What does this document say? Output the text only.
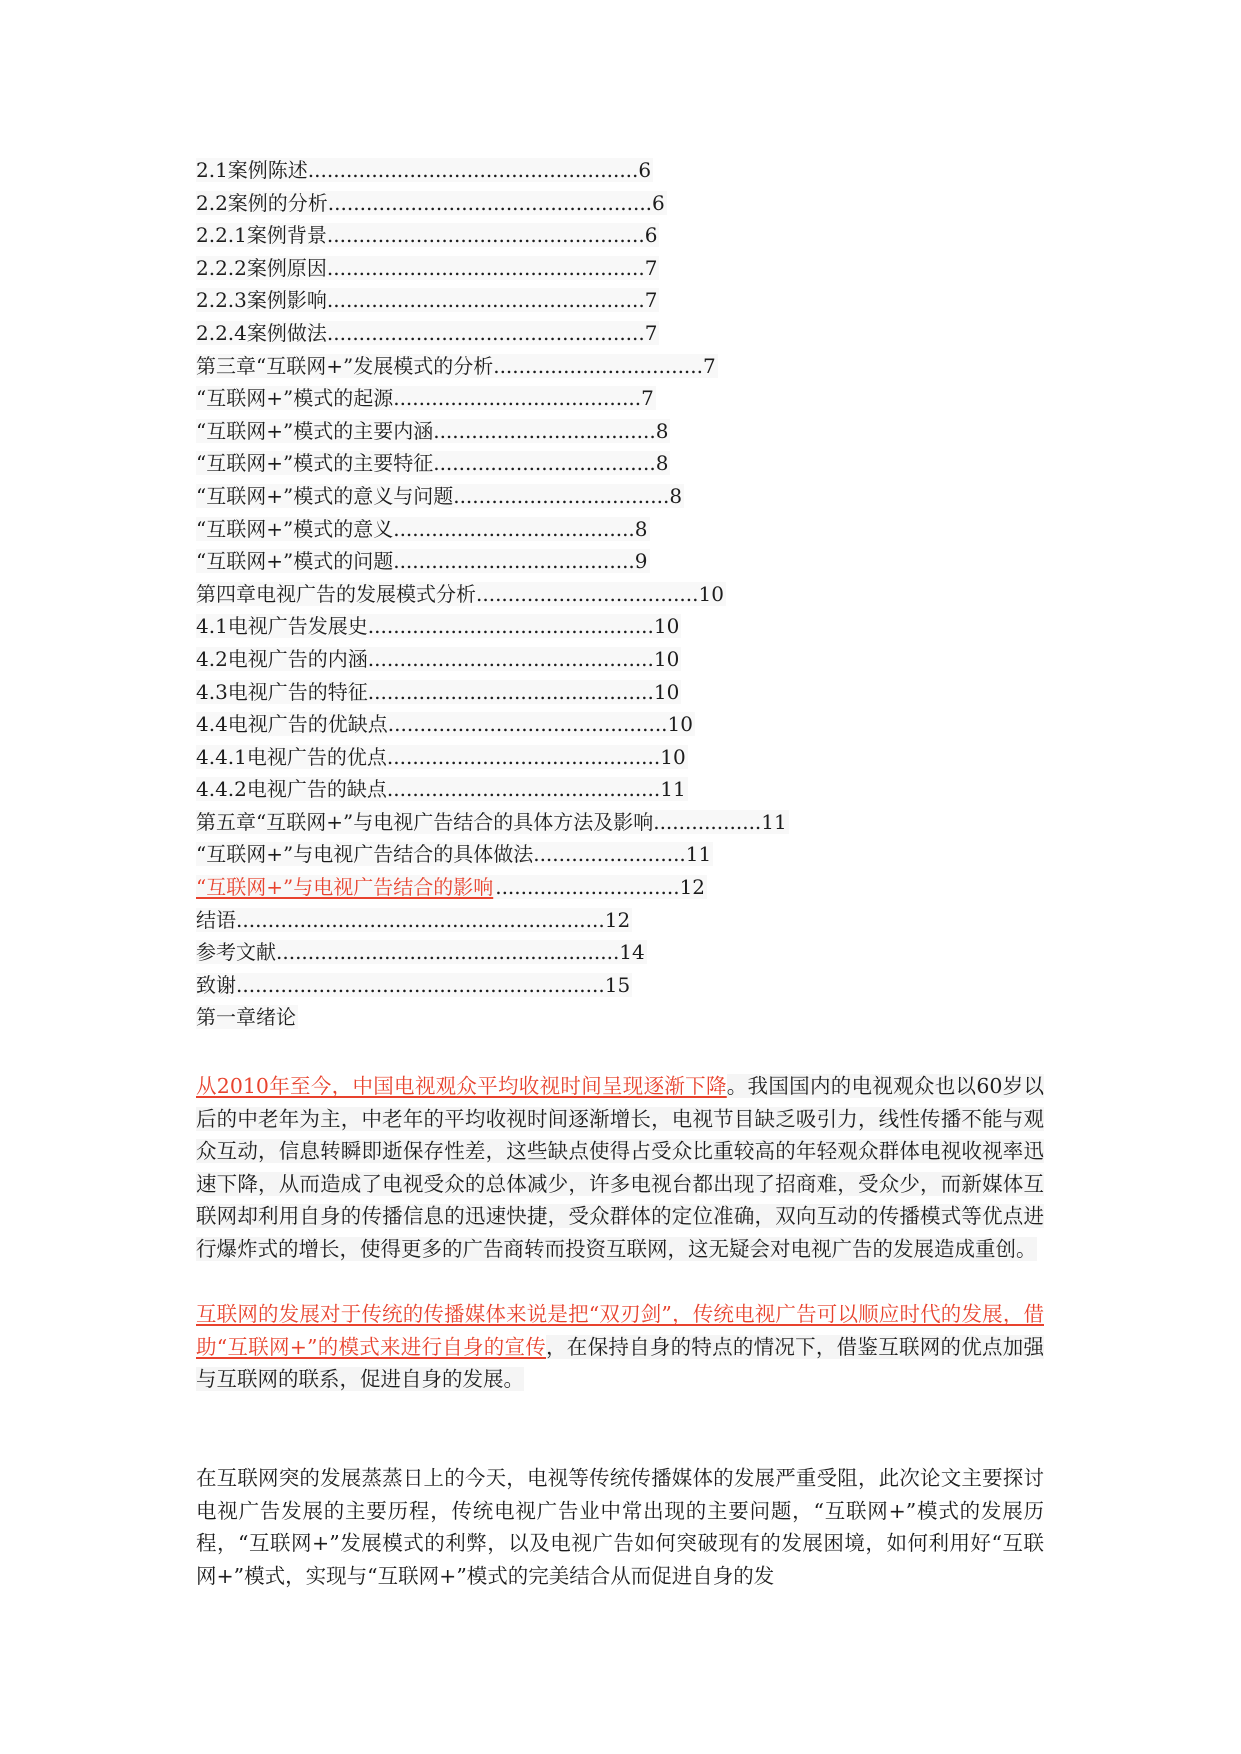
2.1案例陈述....................................................6
2.2案例的分析...................................................6
2.2.1案例背景..................................................6
2.2.2案例原因..................................................7
2.2.3案例影响..................................................7
2.2.4案例做法..................................................7
第三章“互联网+”发展模式的分析.................................7
“互联网+”模式的起源.......................................7
“互联网+”模式的主要内涵...................................8
“互联网+”模式的主要特征...................................8
“互联网+”模式的意义与问题..................................8
“互联网+”模式的意义......................................8
“互联网+”模式的问题......................................9
第四章电视广告的发展模式分析...................................10
4.1电视广告发展史.............................................10
4.2电视广告的内涵.............................................10
4.3电视广告的特征.............................................10
4.4电视广告的优缺点............................................10
4.4.1电视广告的优点...........................................10
4.4.2电视广告的缺点...........................................11
第五章“互联网+”与电视广告结合的具体方法及影响.................11
“互联网+”与电视广告结合的具体做法........................11
“互联网+”与电视广告结合的影响 .............................12
结语..........................................................12
参考文献......................................................14
致谢..........................................................15
第一章绪论
从2010年至今，中国电视观众平均收视时间呈现逐渐下降。我国国内的电视观众也以60岁以后的中老年为主，中老年的平均收视时间逐渐增长，电视节目缺乏吸引力，线性传播不能与观众互动，信息转瞬即逝保存性差，这些缺点使得占受众比重较高的年轻观众群体电视收视率迅速下降，从而造成了电视受众的总体减少，许多电视台都出现了招商难，受众少，而新媒体互联网却利用自身的传播信息的迅速快捷，受众群体的定位准确，双向互动的传播模式等优点进行爆炸式的增长，使得更多的广告商转而投资互联网，这无疑会对电视广告的发展造成重创。
互联网的发展对于传统的传播媒体来说是把“双刃剑”，传统电视广告可以顺应时代的发展，借助“互联网+”的模式来进行自身的宣传，在保持自身的特点的情况下，借鉴互联网的优点加强与互联网的联系，促进自身的发展。
在互联网突的发展蒸蒸日上的今天，电视等传统传播媒体的发展严重受阻，此次论文主要探讨电视广告发展的主要历程，传统电视广告业中常出现的主要问题，“互联网+”模式的发展历程，“互联网+”发展模式的利弊，以及电视广告如何突破现有的发展困境，如何利用好“互联网+”模式，实现与“互联网+”模式的完美结合从而促进自身的发
